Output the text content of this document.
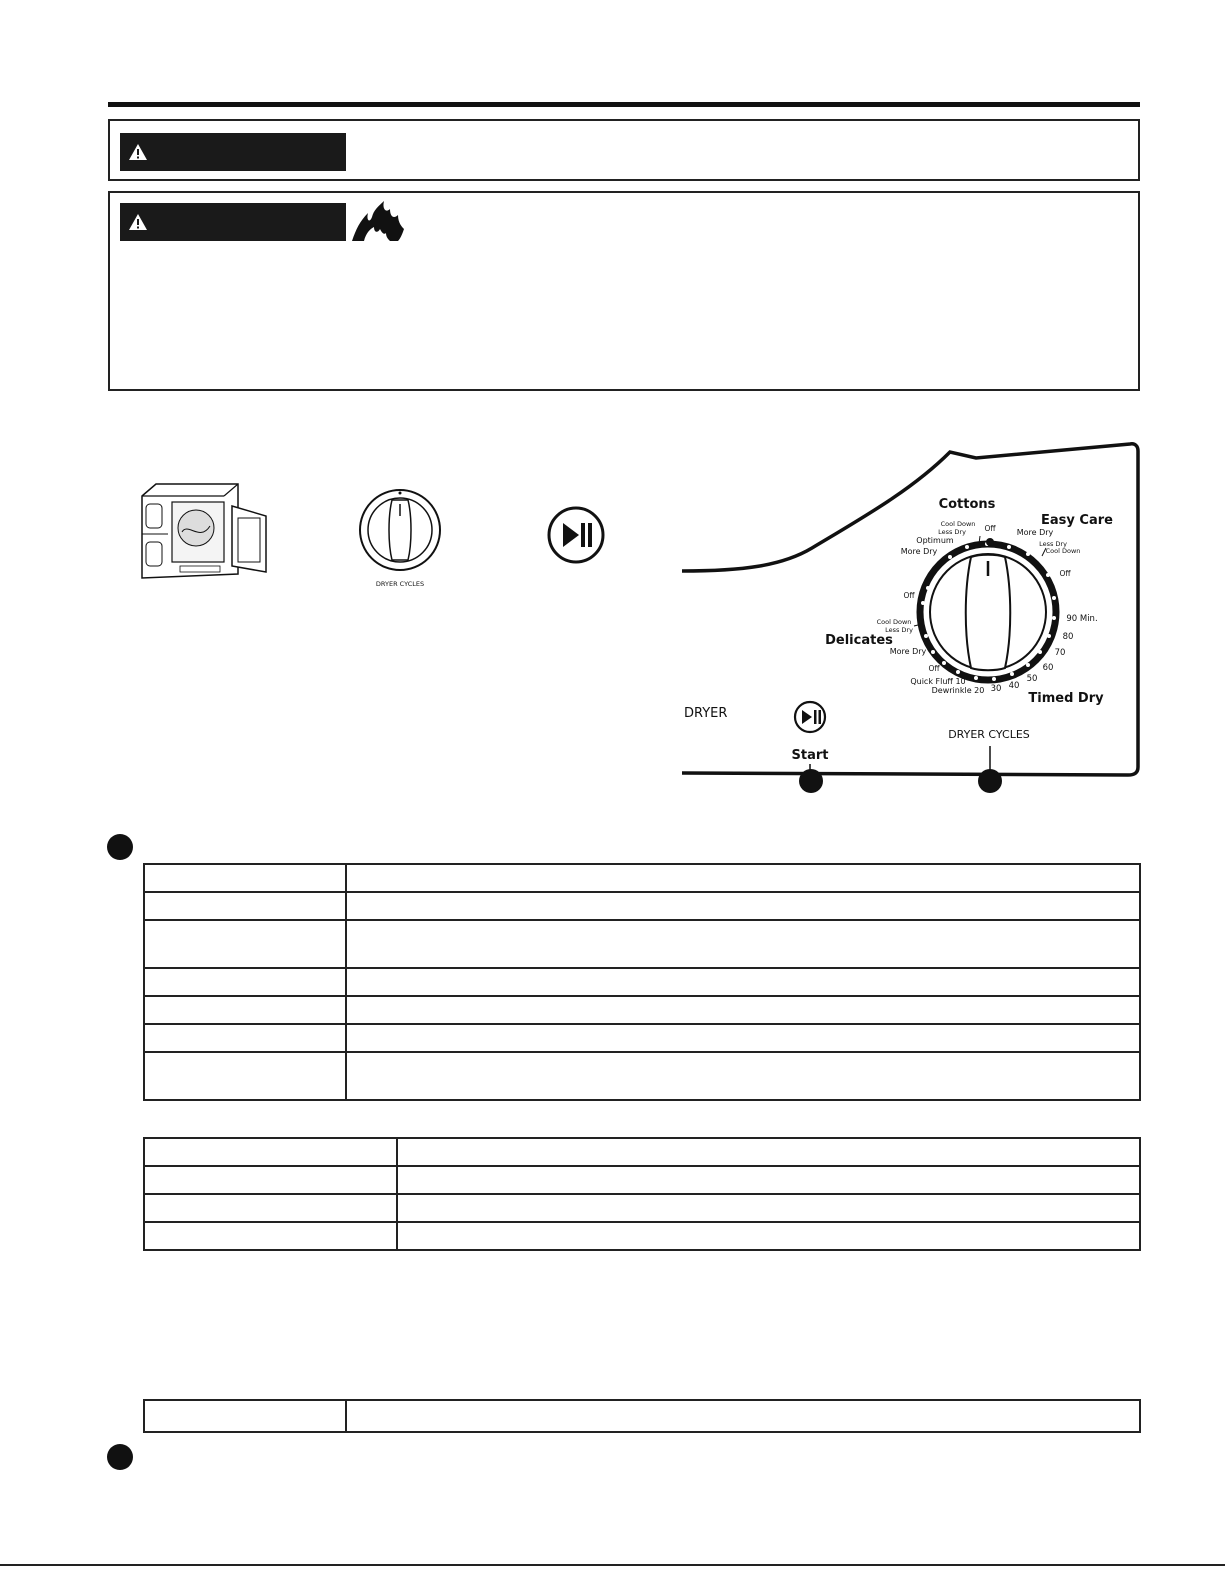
DRYER CYCLES
DRYER
Start
DRYER CYCLES
Cottons
Easy Care
Delicates
Timed Dry
Cool Down
Less Dry Off
Optimum
More Dry
More Dry
Less Dry
Cool Down
Off
90 Min.
80
70
60
50
40
30
Dewrinkle 20
Quick Fluff 10
Off
More Dry
Less Dry
Cool Down
Off
